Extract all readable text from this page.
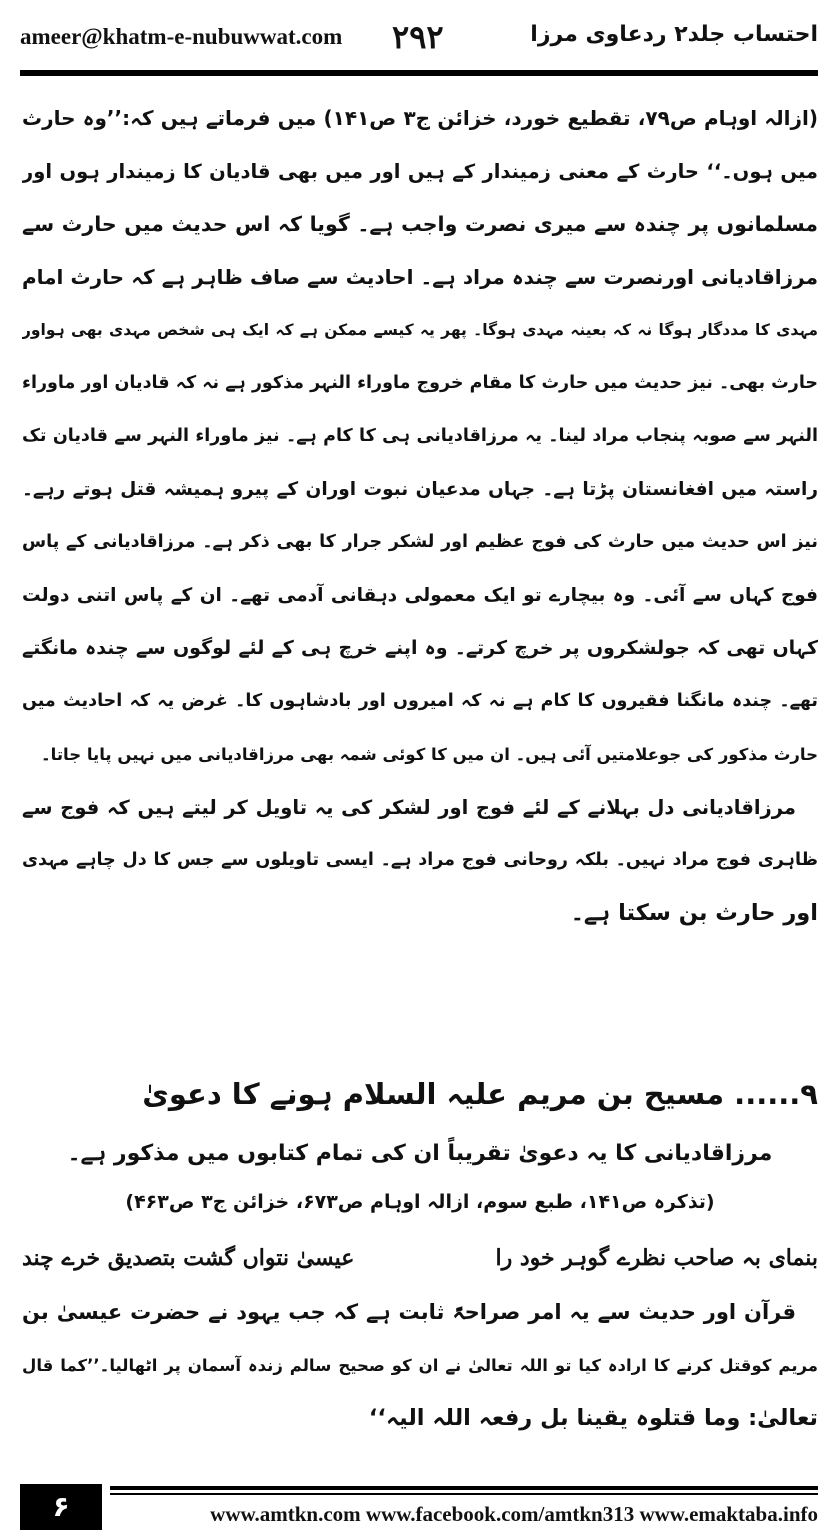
ameer@khatm-e-nubuwwat.com ۲۹۲	احتساب جلد۲ ردعاوی مرزا
(ازالہ اوہام ص۷۹، تقطیع خورد، خزائن ج۳ ص۱۴۱) میں فرماتے ہیں کہ:’’وہ حارث
میں ہوں۔‘‘ حارث کے معنی زمیندار کے ہیں اور میں بھی قادیان کا زمیندار ہوں اور
مسلمانوں پر چندہ سے میری نصرت واجب ہے۔ گویا کہ اس حدیث میں حارث سے
مرزاقادیانی اورنصرت سے چندہ مراد ہے۔ احادیث سے صاف ظاہر ہے کہ حارث امام
مہدی کا مددگار ہوگا نہ کہ بعینہ مہدی ہوگا۔ پھر یہ کیسے ممکن ہے کہ ایک ہی شخص مہدی بھی ہواور
حارث بھی۔ نیز حدیث میں حارث کا مقام خروج ماوراء النہر مذکور ہے نہ کہ قادیان اور ماوراء
النہر سے صوبہ پنجاب مراد لینا۔ یہ مرزاقادیانی ہی کا کام ہے۔ نیز ماوراء النہر سے قادیان تک
راستہ میں افغانستان پڑتا ہے۔ جہاں مدعیان نبوت اوران کے پیرو ہمیشہ قتل ہوتے رہے۔
نیز اس حدیث میں حارث کی فوج عظیم اور لشکر جرار کا بھی ذکر ہے۔ مرزاقادیانی کے پاس
فوج کہاں سے آئی۔ وہ بیچارے تو ایک معمولی دہقانی آدمی تھے۔ ان کے پاس اتنی دولت
کہاں تھی کہ جولشکروں پر خرچ کرتے۔ وہ اپنے خرچ ہی کے لئے لوگوں سے چندہ مانگتے
تھے۔ چندہ مانگنا فقیروں کا کام ہے نہ کہ امیروں اور بادشاہوں کا۔ غرض یہ کہ احادیث میں
حارث مذکور کی جوعلامتیں آئی ہیں۔ ان میں کا کوئی شمہ بھی مرزاقادیانی میں نہیں پایا جاتا۔
مرزاقادیانی دل بہلانے کے لئے فوج اور لشکر کی یہ تاویل کر لیتے ہیں کہ فوج سے
ظاہری فوج مراد نہیں۔ بلکہ روحانی فوج مراد ہے۔ ایسی تاویلوں سے جس کا دل چاہے مہدی
اور حارث بن سکتا ہے۔
۹...... مسیح بن مریم علیہ السلام ہونے کا دعویٰ
مرزاقادیانی کا یہ دعویٰ تقریباً ان کی تمام کتابوں میں مذکور ہے۔
(تذکرہ ص۱۴۱، طبع سوم، ازالہ اوہام ص۶۷۳، خزائن ج۳ ص۴۶۳)
بنمای بہ صاحب نظرے گوہر خود را
عیسیٰ نتواں گشت بتصدیق خرے چند
قرآن اور حدیث سے یہ امر صراحۃً ثابت ہے کہ جب یہود نے حضرت عیسیٰ بن
مریم کوقتل کرنے کا ارادہ کیا تو اللہ تعالیٰ نے ان کو صحیح سالم زندہ آسمان پر اٹھالیا۔’’کما قال
تعالیٰ: وما قتلوہ یقینا بل رفعہ اللہ الیہ‘‘
۶	www.amtkn.com www.facebook.com/amtkn313 www.emaktaba.info
